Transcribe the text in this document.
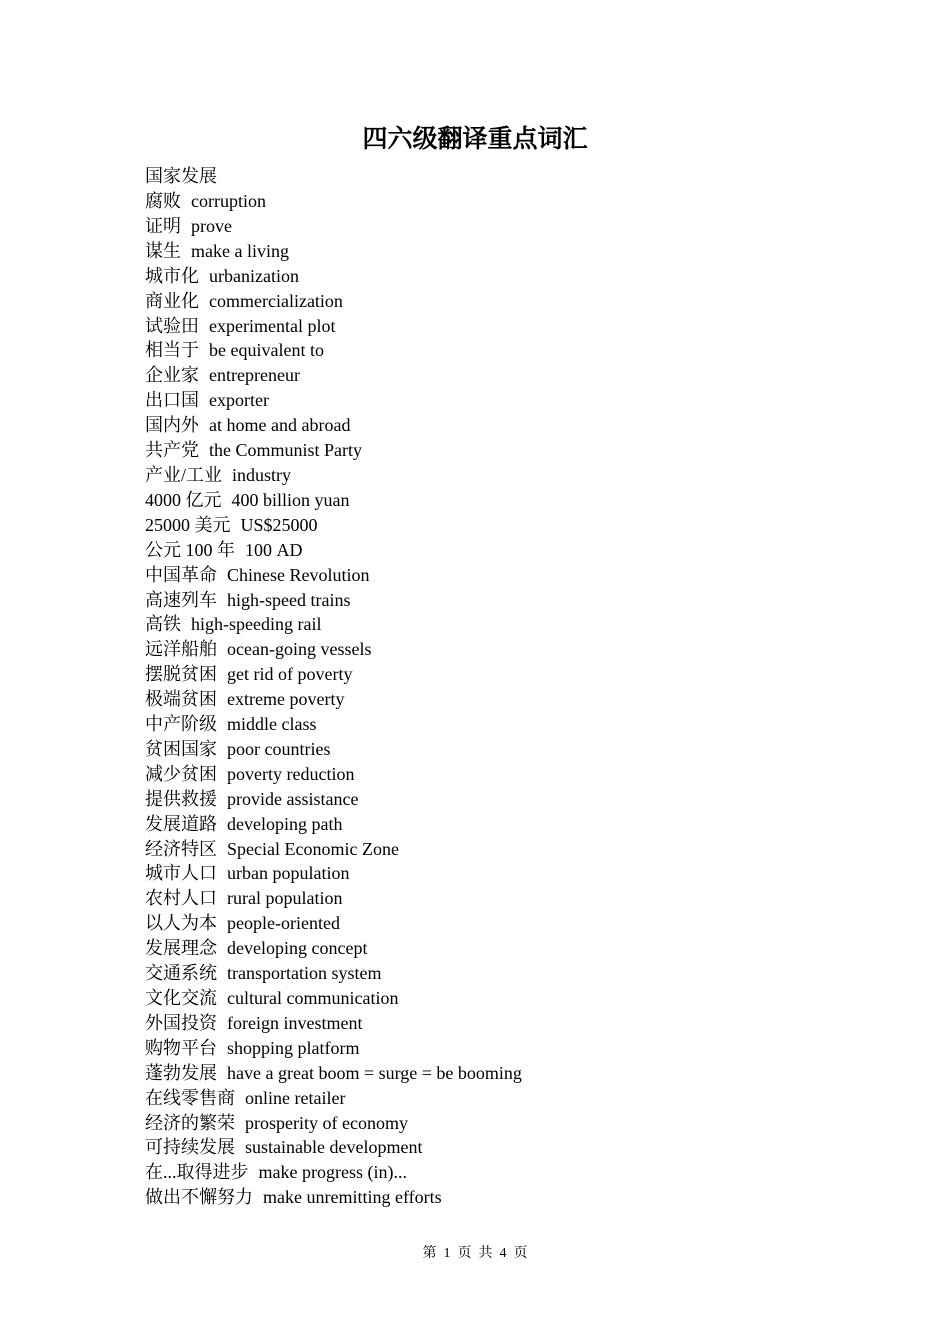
四六级翻译重点词汇

国家发展

腐败 corruption
证明 prove
谋生 make a living
城市化 urbanization
商业化 commercialization
试验田 experimental plot
相当于 be equivalent to
企业家 entrepreneur
出口国 exporter
国内外 at home and abroad
共产党 the Communist Party
产业/工业 industry
4000 亿元 400 billion yuan
25000 美元 US$25000
公元 100 年 100 AD
中国革命 Chinese Revolution
高速列车 high-speed trains
高铁 high-speeding rail
远洋船舶 ocean-going vessels
摆脱贫困 get rid of poverty
极端贫困 extreme poverty
中产阶级 middle class
贫困国家 poor countries
减少贫困 poverty reduction
提供救援 provide assistance
发展道路 developing path
经济特区 Special Economic Zone
城市人口 urban population
农村人口 rural population
以人为本 people-oriented
发展理念 developing concept
交通系统 transportation system
文化交流 cultural communication
外国投资 foreign investment
购物平台 shopping platform
蓬勃发展 have a great boom = surge = be booming
在线零售商 online retailer
经济的繁荣 prosperity of economy
可持续发展 sustainable development
在...取得进步 make progress (in)...
做出不懈努力 make unremitting efforts
第  1  页  共  4  页
